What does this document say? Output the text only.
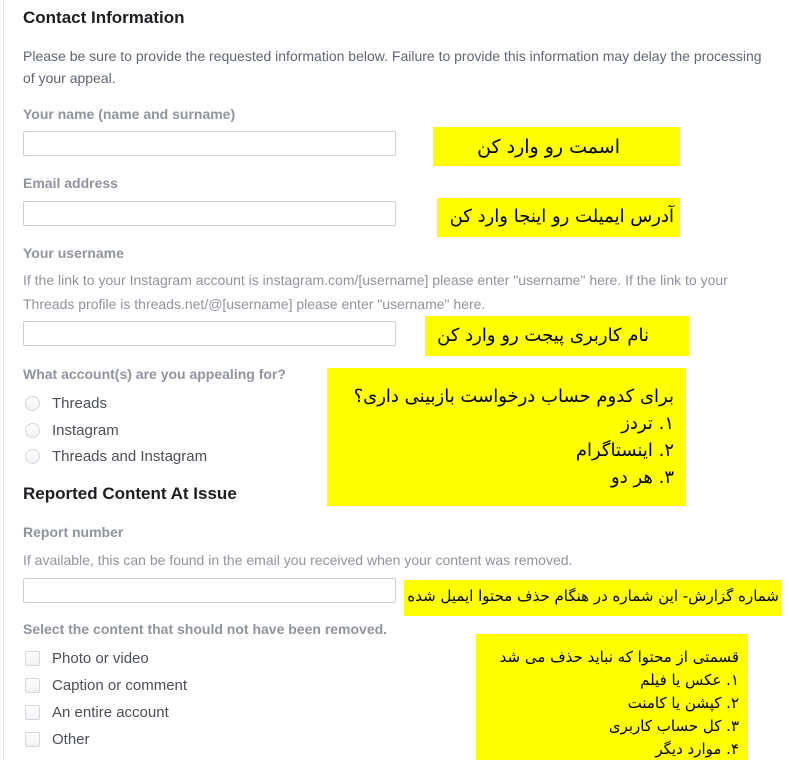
Contact Information
Please be sure to provide the requested information below. Failure to provide this information may delay the processing of your appeal.
Your name (name and surname)
Email address
Your username
If the link to your Instagram account is instagram.com/[username] please enter "username" here. If the link to your Threads profile is threads.net/@[username] please enter "username" here.
What account(s) are you appealing for?
Threads
Instagram
Threads and Instagram
Reported Content At Issue
Report number
If available, this can be found in the email you received when your content was removed.
Select the content that should not have been removed.
Photo or video
Caption or comment
An entire account
Other
اسمت رو وارد کن
آدرس ایمیلت رو اینجا وارد کن
نام کاربری پیجت رو وارد کن
برای کدوم حساب درخواست بازبینی داری؟
۱. تردز
۲. اینستاگرام
۳. هر دو
شماره گزارش- این شماره در هنگام حذف محتوا ایمیل شده
قسمتی از محتوا که نباید حذف می شد
۱. عکس یا فیلم
۲. کپشن یا کامنت
۳. کل حساب کاربری
۴. موارد دیگر
